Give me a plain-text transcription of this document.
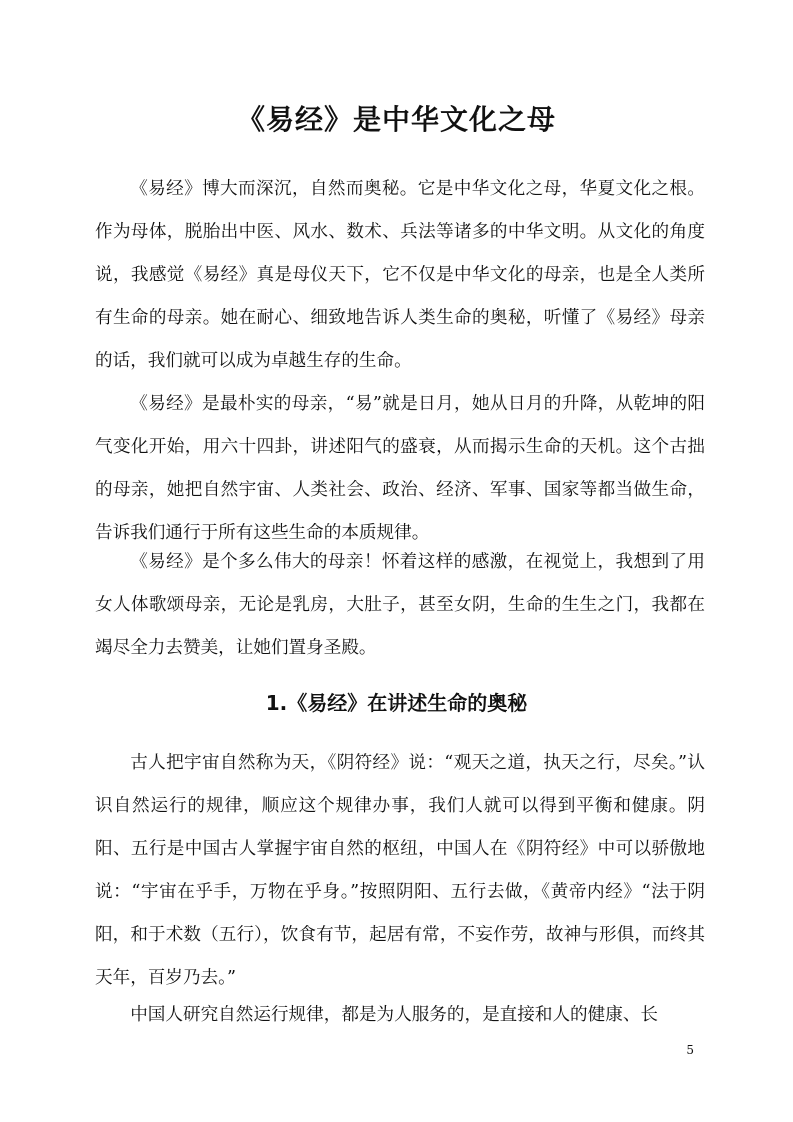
《易经》是中华文化之母

《易经》博大而深沉，自然而奥秘。它是中华文化之母，华夏文化之根。作为母体，脱胎出中医、风水、数术、兵法等诸多的中华文明。从文化的角度说，我感觉《易经》真是母仪天下，它不仅是中华文化的母亲，也是全人类所有生命的母亲。她在耐心、细致地告诉人类生命的奥秘，听懂了《易经》母亲的话，我们就可以成为卓越生存的生命。

《易经》是最朴实的母亲，“易”就是日月，她从日月的升降，从乾坤的阳气变化开始，用六十四卦，讲述阳气的盛衰，从而揭示生命的天机。这个古拙的母亲，她把自然宇宙、人类社会、政治、经济、军事、国家等都当做生命，告诉我们通行于所有这些生命的本质规律。

《易经》是个多么伟大的母亲！怀着这样的感激，在视觉上，我想到了用女人体歌颂母亲，无论是乳房，大肚子，甚至女阴，生命的生生之门，我都在竭尽全力去赞美，让她们置身圣殿。

1.《易经》在讲述生命的奥秘

古人把宇宙自然称为天，《阴符经》说：“观天之道，执天之行，尽矣。”认识自然运行的规律，顺应这个规律办事，我们人就可以得到平衡和健康。阴阳、五行是中国古人掌握宇宙自然的枢纽，中国人在《阴符经》中可以骄傲地说：“宇宙在乎手，万物在乎身。”按照阴阳、五行去做，《黄帝内经》“法于阴阳，和于术数（五行），饮食有节，起居有常，不妄作劳，故神与形俱，而终其天年，百岁乃去。”

中国人研究自然运行规律，都是为人服务的，是直接和人的健康、长

5
